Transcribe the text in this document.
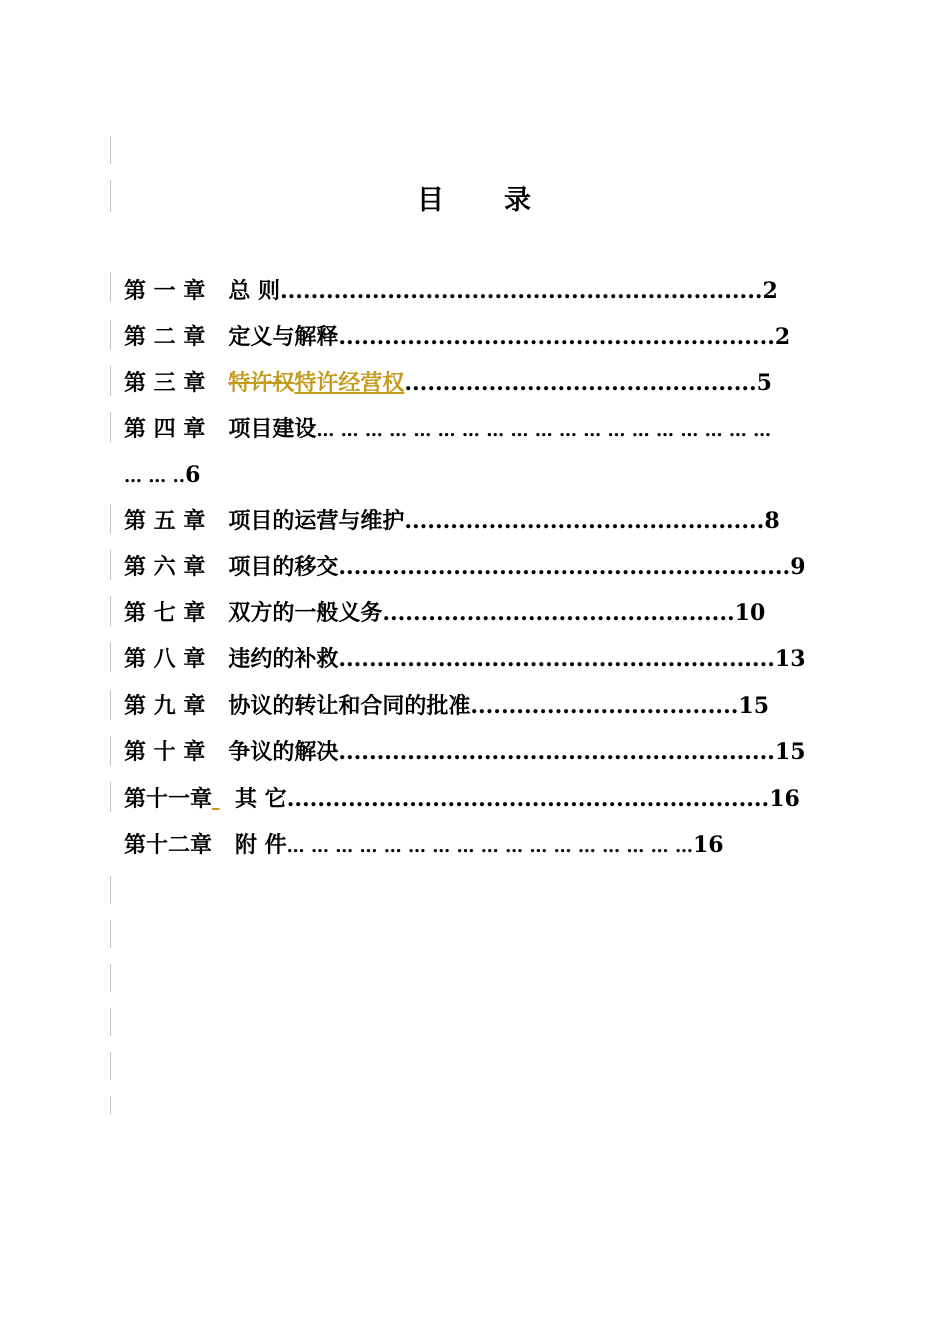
目 录
第 一 章 总 则...............................................................2
第 二 章 定义与解释.........................................................2
第 三 章 特许权特许经营权..............................................5
第 四 章 项目建设… … … … … … … … … … … … … … … … … … …
… … ..6
第 五 章 项目的运营与维护...............................................8
第 六 章 项目的移交...........................................................9
第 七 章 双方的一般义务..............................................10
第 八 章 违约的补救.........................................................13
第 九 章 协议的转让和合同的批准...................................15
第 十 章 争议的解决.........................................................15
第十一章 其 它...............................................................16
第十二章 附 件… … … … … … … … … … … … … … … … …16
